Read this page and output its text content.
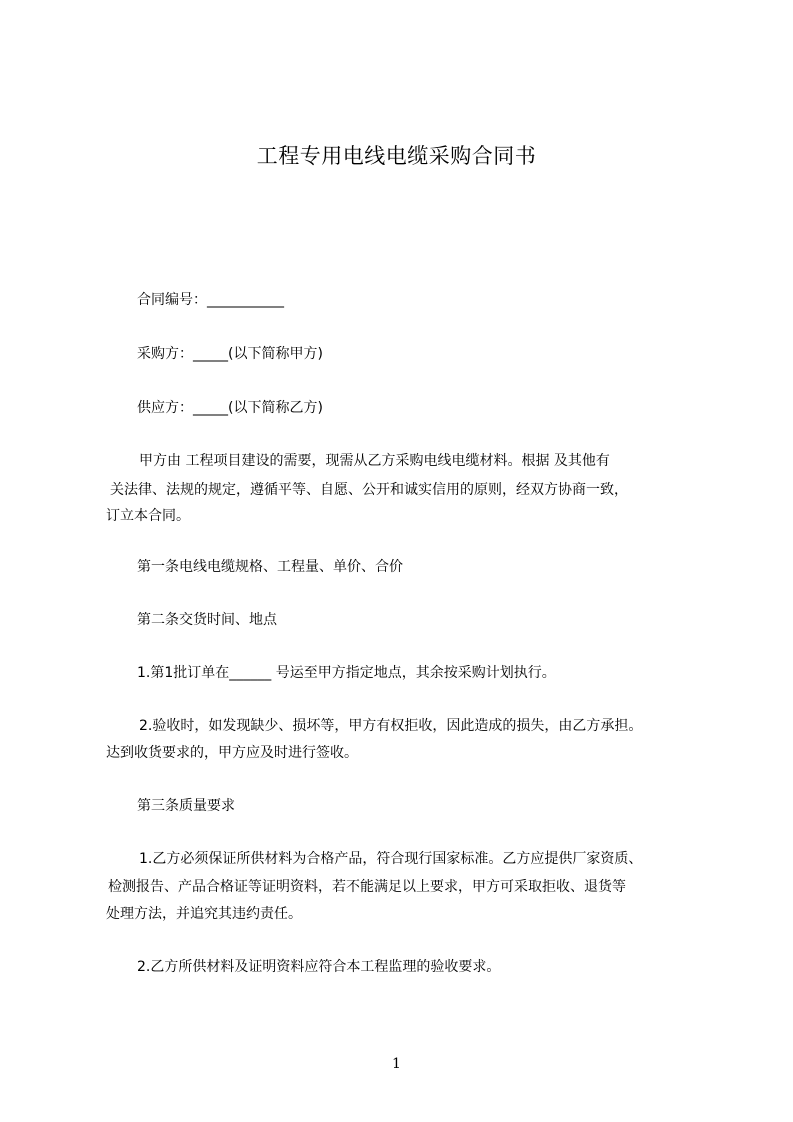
工程专用电线电缆采购合同书
合同编号：___________
采购方：_____(以下简称甲方)
供应方：_____(以下简称乙方)
甲方由 工程项目建设的需要，现需从乙方采购电线电缆材料。根据 及其他有
关法律、法规的规定，遵循平等、自愿、公开和诚实信用的原则，经双方协商一致，
订立本合同。
第一条电线电缆规格、工程量、单价、合价
第二条交货时间、地点
1.第1批订单在______ 号运至甲方指定地点，其余按采购计划执行。
2.验收时，如发现缺少、损坏等，甲方有权拒收，因此造成的损失，由乙方承担。
达到收货要求的，甲方应及时进行签收。
第三条质量要求
1.乙方必须保证所供材料为合格产品，符合现行国家标准。乙方应提供厂家资质、
检测报告、产品合格证等证明资料，若不能满足以上要求，甲方可采取拒收、退货等
处理方法，并追究其违约责任。
2.乙方所供材料及证明资料应符合本工程监理的验收要求。
1
